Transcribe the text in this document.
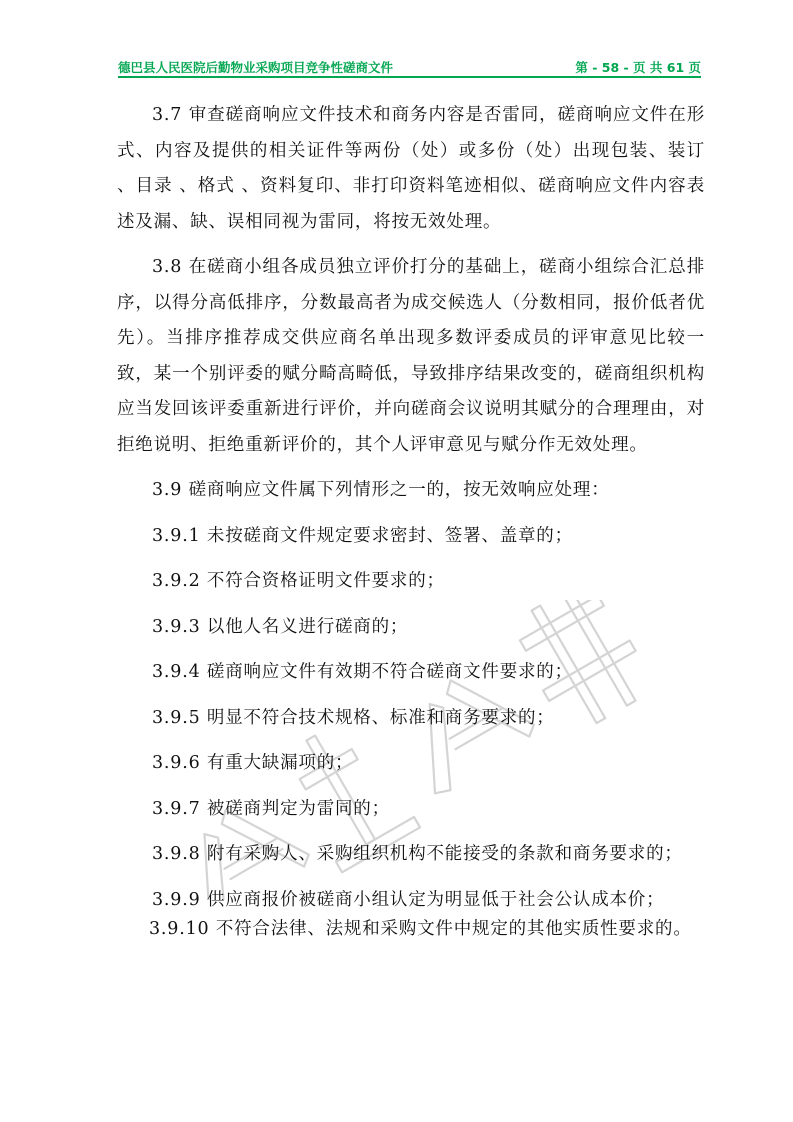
德巴县人民医院后勤物业采购项目竞争性磋商文件	第 - 58 - 页 共 61 页

3.7 审查磋商响应文件技术和商务内容是否雷同，磋商响应文件在形式、内容及提供的相关证件等两份（处）或多份（处）出现包装、装订 、目录 、格式 、资料复印、非打印资料笔迹相似、磋商响应文件内容表述及漏、缺、误相同视为雷同，将按无效处理。

3.8 在磋商小组各成员独立评价打分的基础上，磋商小组综合汇总排序，以得分高低排序，分数最高者为成交候选人（分数相同，报价低者优先）。当排序推荐成交供应商名单出现多数评委成员的评审意见比较一致，某一个别评委的赋分畸高畸低，导致排序结果改变的，磋商组织机构应当发回该评委重新进行评价，并向磋商会议说明其赋分的合理理由，对拒绝说明、拒绝重新评价的，其个人评审意见与赋分作无效处理。

3.9 磋商响应文件属下列情形之一的，按无效响应处理：

3.9.1 未按磋商文件规定要求密封、签署、盖章的；

3.9.2 不符合资格证明文件要求的；

3.9.3 以他人名义进行磋商的；

3.9.4 磋商响应文件有效期不符合磋商文件要求的；

3.9.5 明显不符合技术规格、标准和商务要求的；

3.9.6 有重大缺漏项的；

3.9.7 被磋商判定为雷同的；

3.9.8 附有采购人、采购组织机构不能接受的条款和商务要求的；

3.9.9 供应商报价被磋商小组认定为明显低于社会公认成本价；

3.9.10 不符合法律、法规和采购文件中规定的其他实质性要求的。
